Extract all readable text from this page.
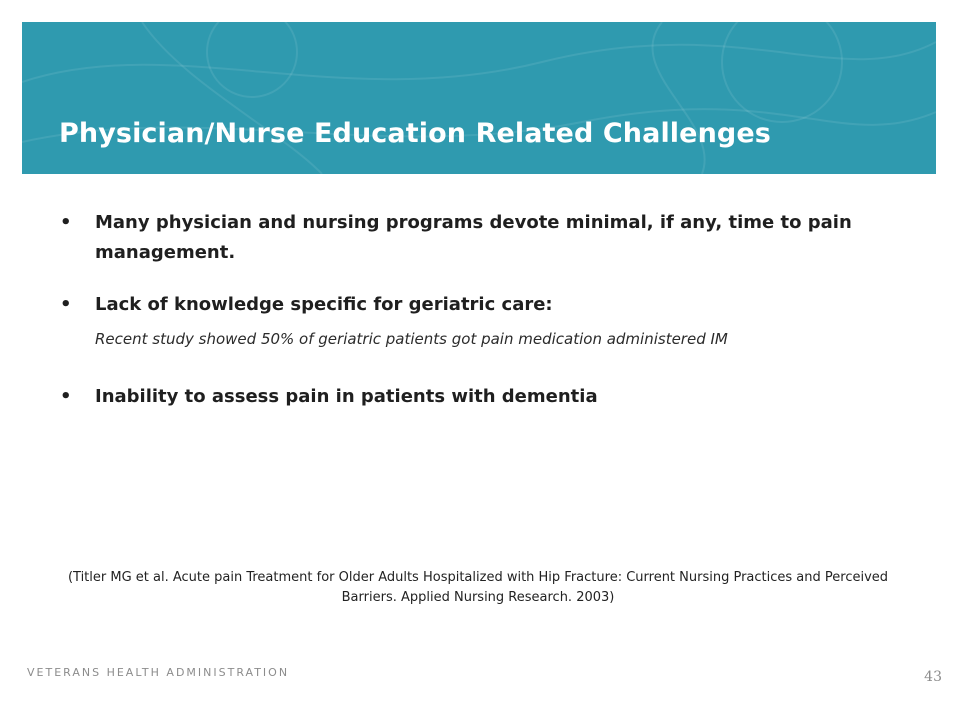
Physician/Nurse Education Related Challenges
• Many physician and nursing programs devote minimal, if any, time to pain management.
• Lack of knowledge specific for geriatric care:
Recent study showed 50% of geriatric patients got pain medication administered IM
• Inability to assess pain in patients with dementia
(Titler MG et al. Acute pain Treatment for Older Adults Hospitalized with Hip Fracture: Current Nursing Practices and Perceived Barriers. Applied Nursing Research. 2003)
VETERANS HEALTH ADMINISTRATION	43
